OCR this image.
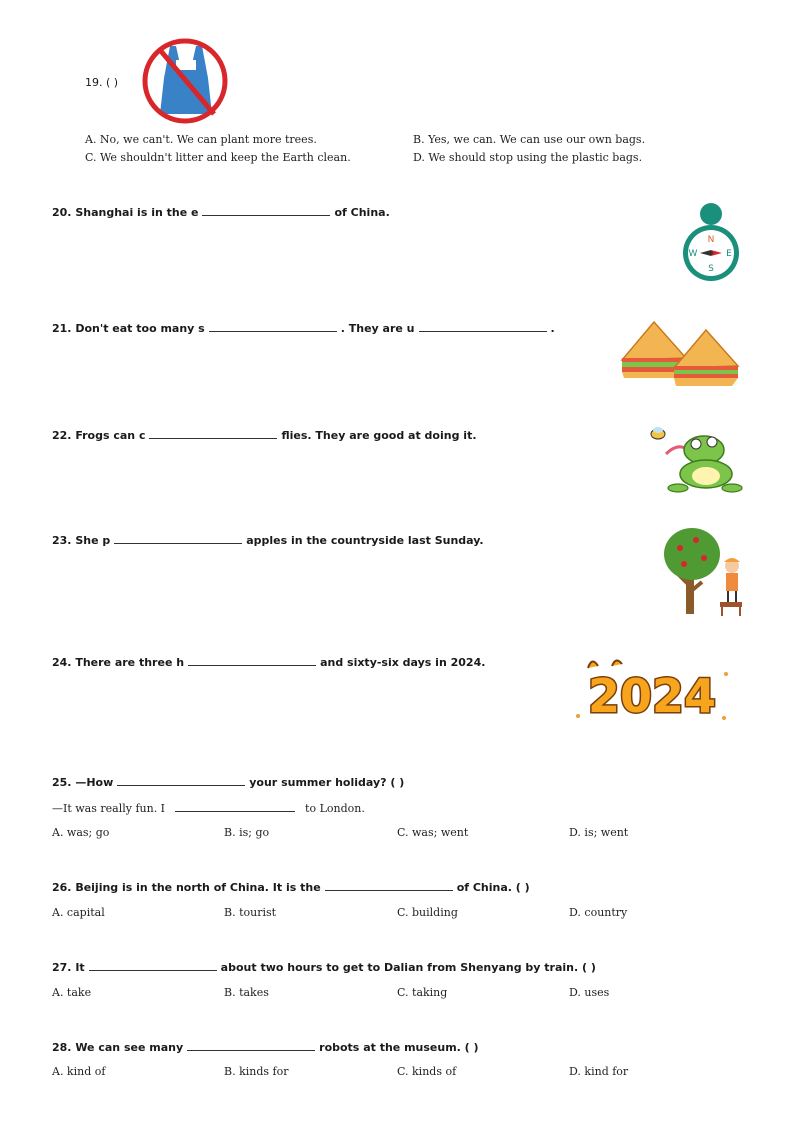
19. ( )
A. No, we can't. We can plant more trees.	B. Yes, we can. We can use our own bags.
C. We shouldn't litter and keep the Earth clean.	D. We should stop using the plastic bags.
20. Shanghai is in the e	of China.
N
S
E
W
21. Don't eat too many s	. They are u	.
22. Frogs can c	flies. They are good at doing it.
23. She p	apples in the countryside last Sunday.
24. There are three h	and sixty-six days in 2024.
2024
25. —How	your summer holiday? ( )
—It was really fun. I	to London.
A. was; go	B. is; go	C. was; went	D. is; went
26. Beijing is in the north of China. It is the	of China. ( )
A. capital	B. tourist	C. building	D. country
27. It	about two hours to get to Dalian from Shenyang by train. ( )
A. take	B. takes	C. taking	D. uses
28. We can see many	robots at the museum. ( )
A. kind of	B. kinds for	C. kinds of	D. kind for
